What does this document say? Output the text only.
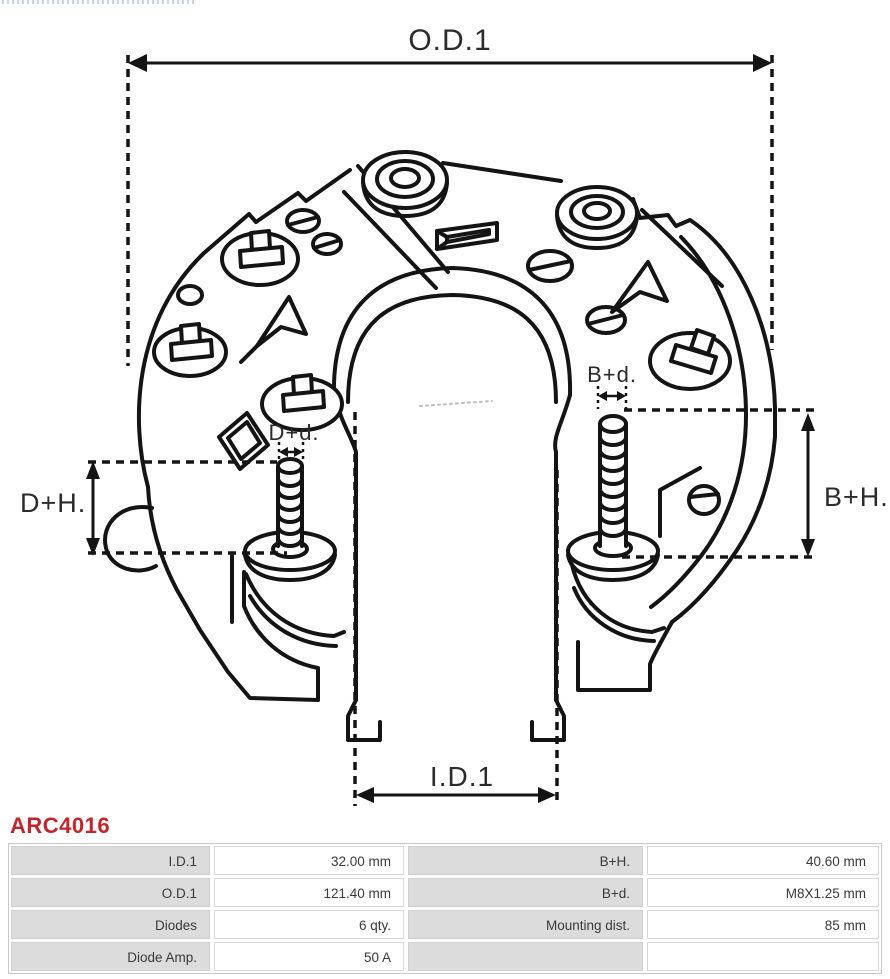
O.D.1
I.D.1
D+H.	B+H.
D+d.
B+d.
ARC4016
I.D.1	32.00 mm	B+H.	40.60 mm
O.D.1	121.40 mm	B+d.	M8X1.25 mm
Diodes	6 qty.	Mounting dist.	85 mm
Diode Amp.	50 A
